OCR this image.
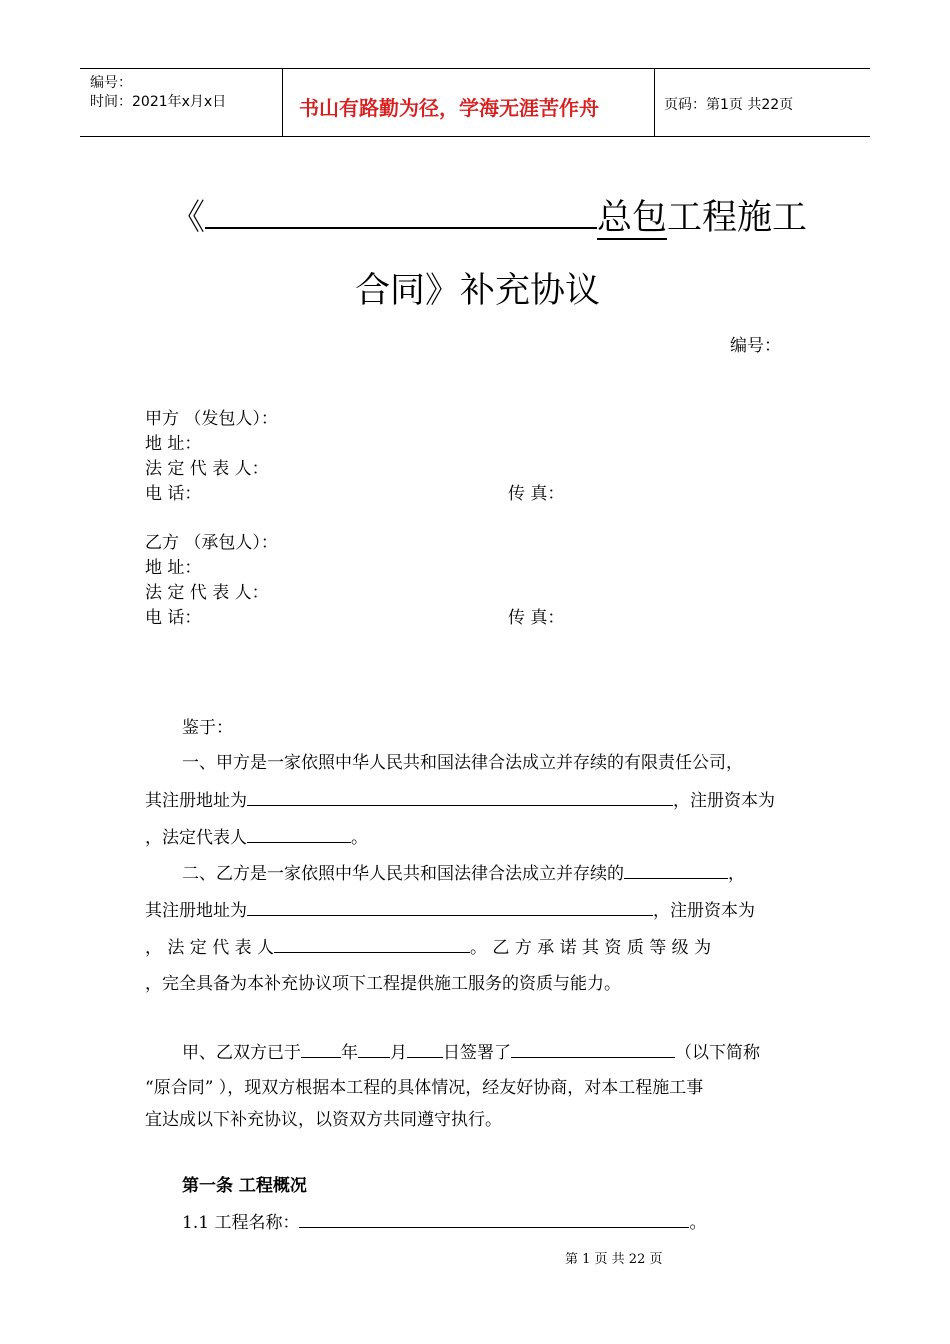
编号：
时间：2021年x月x日	书山有路勤为径，学海无涯苦作舟	页码：第1页 共22页
《	总包工程施工
合同》补充协议
编号：
甲方 （发包人）：
地 址：
法 定 代 表 人：
电 话：	传 真：
乙方 （承包人）：
地 址：
法 定 代 表 人：
电 话：	传 真：
鉴于：
一、甲方是一家依照中华人民共和国法律合法成立并存续的有限责任公司，
其注册地址为	，注册资本为
，法定代表人	。
二、乙方是一家依照中华人民共和国法律合法成立并存续的	，
其注册地址为	，注册资本为
， 法 定 代 表 人	。 乙 方 承 诺 其 资 质 等 级 为
，完全具备为本补充协议项下工程提供施工服务的资质与能力。
甲、乙双方已于 年 月 日签署了	（以下简称
“原合同” ），现双方根据本工程的具体情况，经友好协商，对本工程施工事
宜达成以下补充协议，以资双方共同遵守执行。
第一条 工程概况
1.1 工程名称：	。
第 1 页 共 22 页
